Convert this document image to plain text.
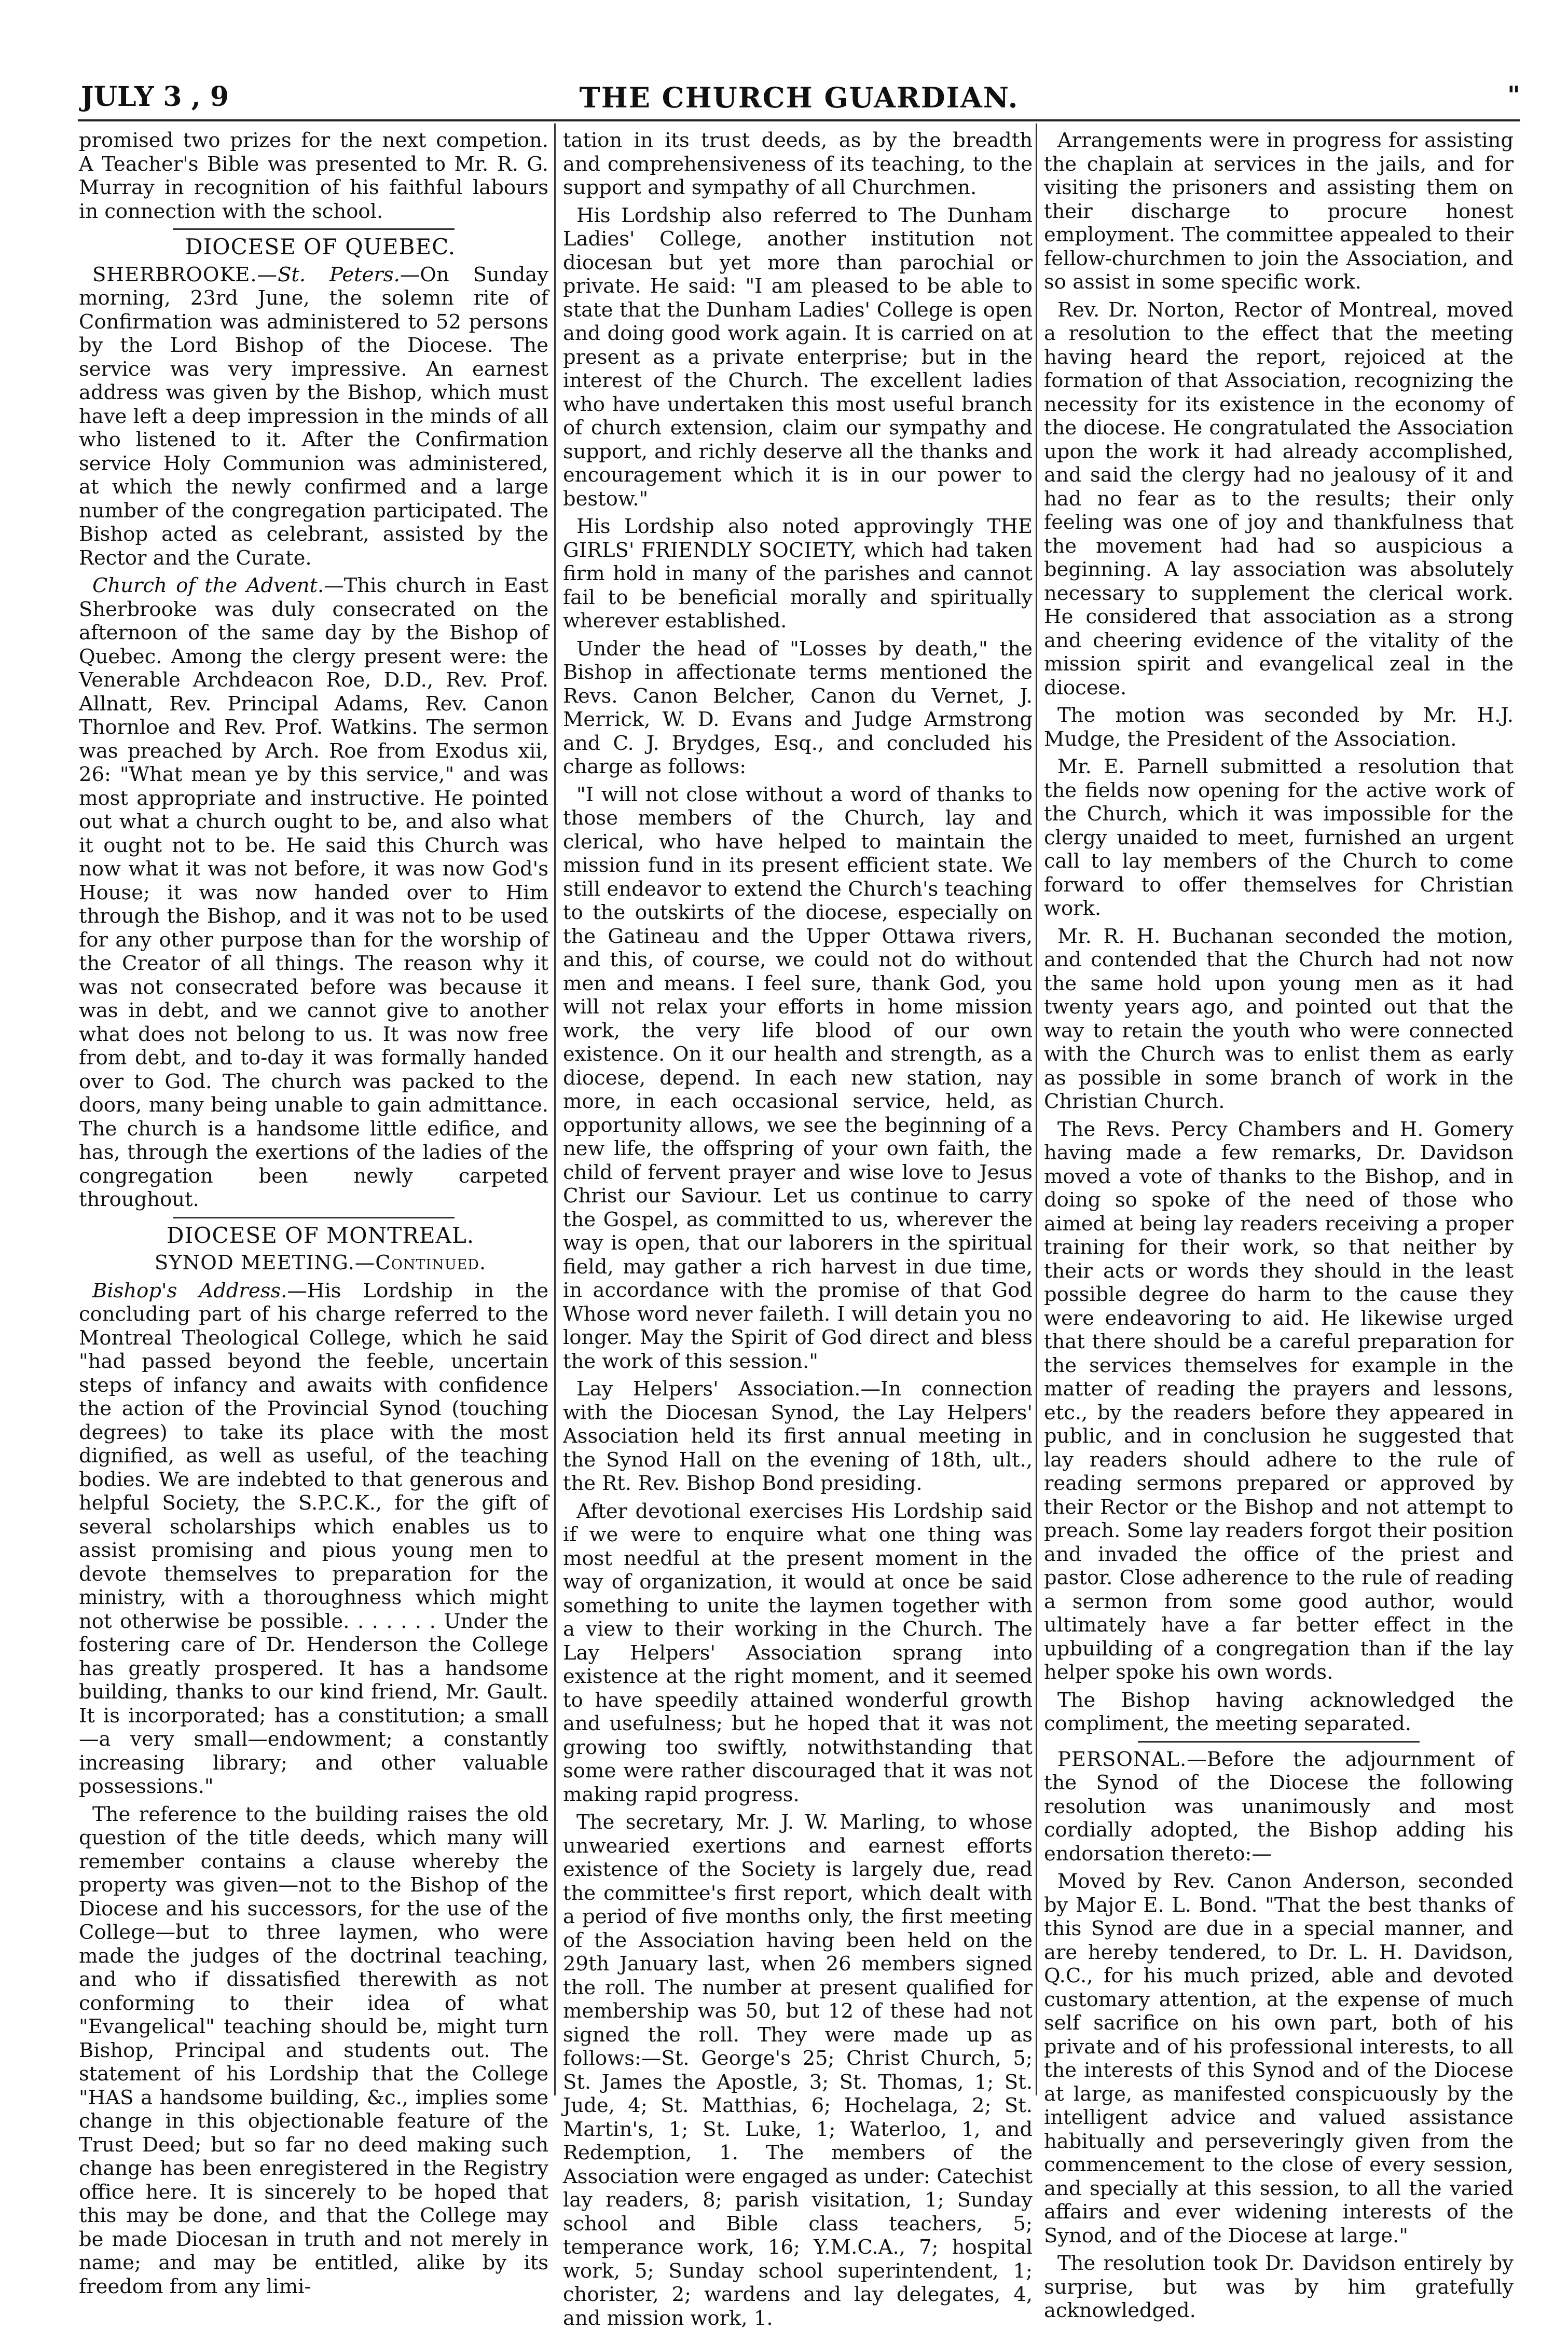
JULY 3 , 9	THE CHURCH GUARDIAN.	"

promised two prizes for the next competion. A Teacher's Bible was presented to Mr. R. G. Murray in recognition of his faithful labours in connection with the school.

DIOCESE OF QUEBEC.

SHERBROOKE.—St. Peters.—On Sunday morning, 23rd June, the solemn rite of Confirmation was administered to 52 persons by the Lord Bishop of the Diocese. The service was very impressive. An earnest address was given by the Bishop, which must have left a deep impression in the minds of all who listened to it. After the Confirmation service Holy Communion was administered, at which the newly confirmed and a large number of the congregation participated. The Bishop acted as celebrant, assisted by the Rector and the Curate.

Church of the Advent.—This church in East Sherbrooke was duly consecrated on the afternoon of the same day by the Bishop of Quebec. Among the clergy present were: the Venerable Archdeacon Roe, D.D., Rev. Prof. Allnatt, Rev. Principal Adams, Rev. Canon Thornloe and Rev. Prof. Watkins. The sermon was preached by Arch. Roe from Exodus xii, 26: "What mean ye by this service," and was most appropriate and instructive. He pointed out what a church ought to be, and also what it ought not to be. He said this Church was now what it was not before, it was now God's House; it was now handed over to Him through the Bishop, and it was not to be used for any other purpose than for the worship of the Creator of all things. The reason why it was not consecrated before was because it was in debt, and we cannot give to another what does not belong to us. It was now free from debt, and to-day it was formally handed over to God. The church was packed to the doors, many being unable to gain admittance. The church is a handsome little edifice, and has, through the exertions of the ladies of the congregation been newly carpeted throughout.

DIOCESE OF MONTREAL.

SYNOD MEETING.—Continued.

Bishop's Address.—His Lordship in the concluding part of his charge referred to the Montreal Theological College, which he said "had passed beyond the feeble, uncertain steps of infancy and awaits with confidence the action of the Provincial Synod (touching degrees) to take its place with the most dignified, as well as useful, of the teaching bodies. We are indebted to that generous and helpful Society, the S.P.C.K., for the gift of several scholarships which enables us to assist promising and pious young men to devote themselves to preparation for the ministry, with a thoroughness which might not otherwise be possible. . . . . . . Under the fostering care of Dr. Henderson the College has greatly prospered. It has a handsome building, thanks to our kind friend, Mr. Gault. It is incorporated; has a constitution; a small—a very small—endowment; a constantly increasing library; and other valuable possessions."

The reference to the building raises the old question of the title deeds, which many will remember contains a clause whereby the property was given—not to the Bishop of the Diocese and his successors, for the use of the College—but to three laymen, who were made the judges of the doctrinal teaching, and who if dissatisfied therewith as not conforming to their idea of what "Evangelical" teaching should be, might turn Bishop, Principal and students out. The statement of his Lordship that the College "HAS a handsome building, &c., implies some change in this objectionable feature of the Trust Deed; but so far no deed making such change has been enregistered in the Registry office here. It is sincerely to be hoped that this may be done, and that the College may be made Diocesan in truth and not merely in name; and may be entitled, alike by its freedom from any limi-

tation in its trust deeds, as by the breadth and comprehensiveness of its teaching, to the support and sympathy of all Churchmen.

His Lordship also referred to The Dunham Ladies' College, another institution not diocesan but yet more than parochial or private. He said: "I am pleased to be able to state that the Dunham Ladies' College is open and doing good work again. It is carried on at present as a private enterprise; but in the interest of the Church. The excellent ladies who have undertaken this most useful branch of church extension, claim our sympathy and support, and richly deserve all the thanks and encouragement which it is in our power to bestow."

His Lordship also noted approvingly THE GIRLS' FRIENDLY SOCIETY, which had taken firm hold in many of the parishes and cannot fail to be beneficial morally and spiritually wherever established.

Under the head of "Losses by death," the Bishop in affectionate terms mentioned the Revs. Canon Belcher, Canon du Vernet, J. Merrick, W. D. Evans and Judge Armstrong and C. J. Brydges, Esq., and concluded his charge as follows:

"I will not close without a word of thanks to those members of the Church, lay and clerical, who have helped to maintain the mission fund in its present efficient state. We still endeavor to extend the Church's teaching to the outskirts of the diocese, especially on the Gatineau and the Upper Ottawa rivers, and this, of course, we could not do without men and means. I feel sure, thank God, you will not relax your efforts in home mission work, the very life blood of our own existence. On it our health and strength, as a diocese, depend. In each new station, nay more, in each occasional service, held, as opportunity allows, we see the beginning of a new life, the offspring of your own faith, the child of fervent prayer and wise love to Jesus Christ our Saviour. Let us continue to carry the Gospel, as committed to us, wherever the way is open, that our laborers in the spiritual field, may gather a rich harvest in due time, in accordance with the promise of that God Whose word never faileth. I will detain you no longer. May the Spirit of God direct and bless the work of this session."

Lay Helpers' Association.—In connection with the Diocesan Synod, the Lay Helpers' Association held its first annual meeting in the Synod Hall on the evening of 18th, ult., the Rt. Rev. Bishop Bond presiding.

After devotional exercises His Lordship said if we were to enquire what one thing was most needful at the present moment in the way of organization, it would at once be said something to unite the laymen together with a view to their working in the Church. The Lay Helpers' Association sprang into existence at the right moment, and it seemed to have speedily attained wonderful growth and usefulness; but he hoped that it was not growing too swiftly, notwithstanding that some were rather discouraged that it was not making rapid progress.

The secretary, Mr. J. W. Marling, to whose unwearied exertions and earnest efforts existence of the Society is largely due, read the committee's first report, which dealt with a period of five months only, the first meeting of the Association having been held on the 29th January last, when 26 members signed the roll. The number at present qualified for membership was 50, but 12 of these had not signed the roll. They were made up as follows:—St. George's 25; Christ Church, 5; St. James the Apostle, 3; St. Thomas, 1; St. Jude, 4; St. Matthias, 6; Hochelaga, 2; St. Martin's, 1; St. Luke, 1; Waterloo, 1, and Redemption, 1. The members of the Association were engaged as under: Catechist lay readers, 8; parish visitation, 1; Sunday school and Bible class teachers, 5; temperance work, 16; Y.M.C.A., 7; hospital work, 5; Sunday school superintendent, 1; chorister, 2; wardens and lay delegates, 4, and mission work, 1.

Arrangements were in progress for assisting the chaplain at services in the jails, and for visiting the prisoners and assisting them on their discharge to procure honest employment. The committee appealed to their fellow-churchmen to join the Association, and so assist in some specific work.

Rev. Dr. Norton, Rector of Montreal, moved a resolution to the effect that the meeting having heard the report, rejoiced at the formation of that Association, recognizing the necessity for its existence in the economy of the diocese. He congratulated the Association upon the work it had already accomplished, and said the clergy had no jealousy of it and had no fear as to the results; their only feeling was one of joy and thankfulness that the movement had had so auspicious a beginning. A lay association was absolutely necessary to supplement the clerical work. He considered that association as a strong and cheering evidence of the vitality of the mission spirit and evangelical zeal in the diocese.

The motion was seconded by Mr. H.J. Mudge, the President of the Association.

Mr. E. Parnell submitted a resolution that the fields now opening for the active work of the Church, which it was impossible for the clergy unaided to meet, furnished an urgent call to lay members of the Church to come forward to offer themselves for Christian work.

Mr. R. H. Buchanan seconded the motion, and contended that the Church had not now the same hold upon young men as it had twenty years ago, and pointed out that the way to retain the youth who were connected with the Church was to enlist them as early as possible in some branch of work in the Christian Church.

The Revs. Percy Chambers and H. Gomery having made a few remarks, Dr. Davidson moved a vote of thanks to the Bishop, and in doing so spoke of the need of those who aimed at being lay readers receiving a proper training for their work, so that neither by their acts or words they should in the least possible degree do harm to the cause they were endeavoring to aid. He likewise urged that there should be a careful preparation for the services themselves for example in the matter of reading the prayers and lessons, etc., by the readers before they appeared in public, and in conclusion he suggested that lay readers should adhere to the rule of reading sermons prepared or approved by their Rector or the Bishop and not attempt to preach. Some lay readers forgot their position and invaded the office of the priest and pastor. Close adherence to the rule of reading a sermon from some good author, would ultimately have a far better effect in the upbuilding of a congregation than if the lay helper spoke his own words.

The Bishop having acknowledged the compliment, the meeting separated.

PERSONAL.—Before the adjournment of the Synod of the Diocese the following resolution was unanimously and most cordially adopted, the Bishop adding his endorsation thereto:—

Moved by Rev. Canon Anderson, seconded by Major E. L. Bond. "That the best thanks of this Synod are due in a special manner, and are hereby tendered, to Dr. L. H. Davidson, Q.C., for his much prized, able and devoted customary attention, at the expense of much self sacrifice on his own part, both of his private and of his professional interests, to all the interests of this Synod and of the Diocese at large, as manifested conspicuously by the intelligent advice and valued assistance habitually and perseveringly given from the commencement to the close of every session, and specially at this session, to all the varied affairs and ever widening interests of the Synod, and of the Diocese at large."

The resolution took Dr. Davidson entirely by surprise, but was by him gratefully acknowledged.
